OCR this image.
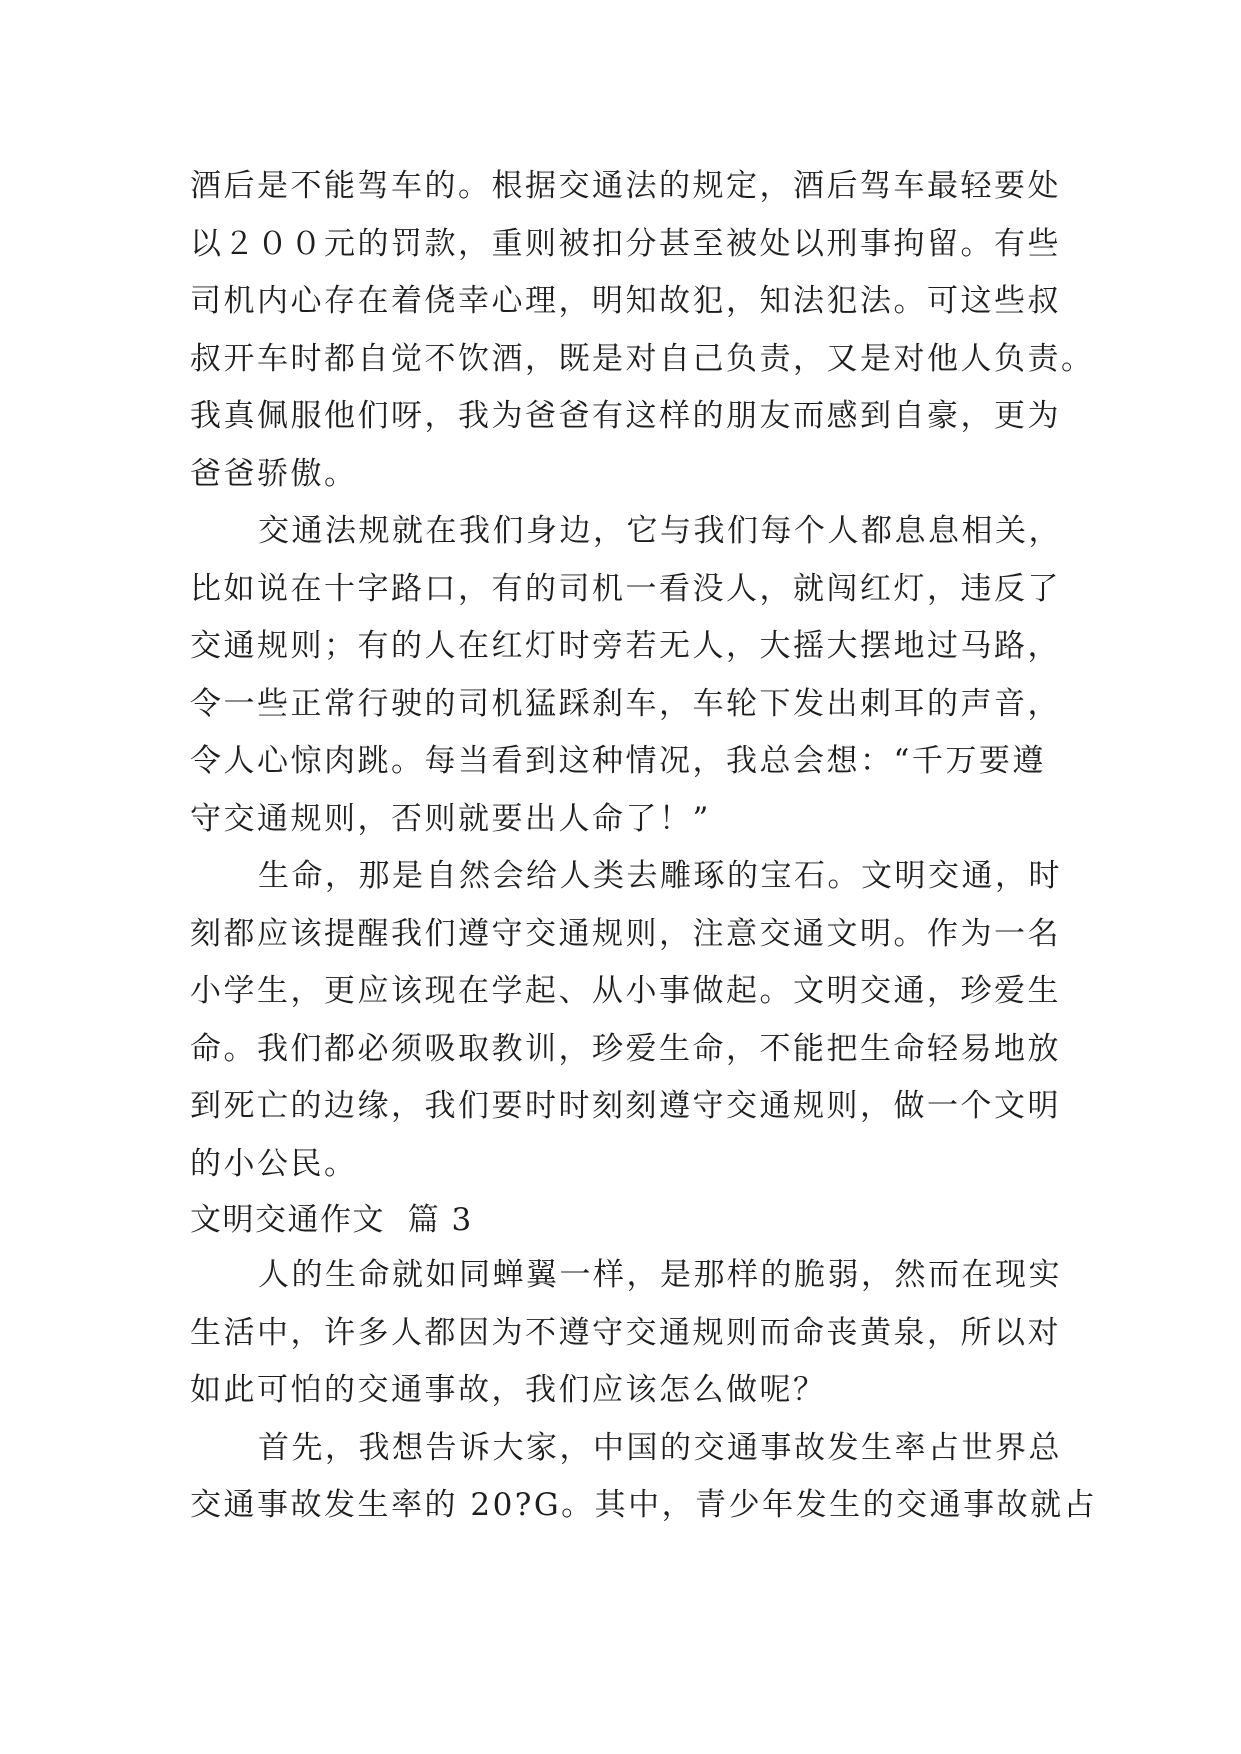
酒后是不能驾车的。根据交通法的规定，酒后驾车最轻要处
以２００元的罚款，重则被扣分甚至被处以刑事拘留。有些
司机内心存在着侥幸心理，明知故犯，知法犯法。可这些叔
叔开车时都自觉不饮酒，既是对自己负责，又是对他人负责。
我真佩服他们呀，我为爸爸有这样的朋友而感到自豪，更为
爸爸骄傲。
交通法规就在我们身边，它与我们每个人都息息相关，
比如说在十字路口，有的司机一看没人，就闯红灯，违反了
交通规则；有的人在红灯时旁若无人，大摇大摆地过马路，
令一些正常行驶的司机猛踩刹车，车轮下发出刺耳的声音，
令人心惊肉跳。每当看到这种情况，我总会想：“千万要遵
守交通规则，否则就要出人命了！”
生命，那是自然会给人类去雕琢的宝石。文明交通，时
刻都应该提醒我们遵守交通规则，注意交通文明。作为一名
小学生，更应该现在学起、从小事做起。文明交通，珍爱生
命。我们都必须吸取教训，珍爱生命，不能把生命轻易地放
到死亡的边缘，我们要时时刻刻遵守交通规则，做一个文明
的小公民。
文明交通作文  篇 3
人的生命就如同蝉翼一样，是那样的脆弱，然而在现实
生活中，许多人都因为不遵守交通规则而命丧黄泉，所以对
如此可怕的交通事故，我们应该怎么做呢？
首先，我想告诉大家，中国的交通事故发生率占世界总
交通事故发生率的 20?G。其中，青少年发生的交通事故就占
